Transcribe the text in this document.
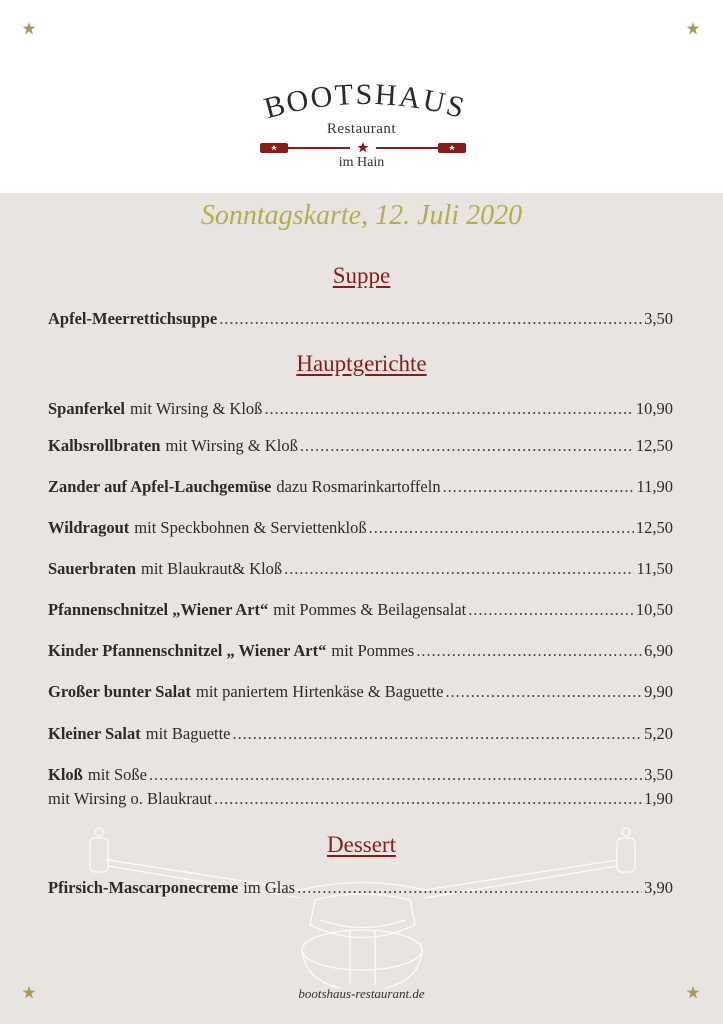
BOOTSHAUS
Restaurant
im Hain
Sonntagskarte, 12. Juli 2020
Suppe
Apfel-Meerrettichsuppe . . .	3,50
Hauptgerichte
Spanferkel mit Wirsing & Kloß . . .	10,90
Kalbsrollbraten mit Wirsing & Kloß . . .	12,50
Zander auf Apfel-Lauchgemüse dazu Rosmarinkartoffeln . . .	11,90
Wildragout mit Speckbohnen & Serviettenkloß . . .	12,50
Sauerbraten mit Blaukraut& Kloß . . .	11,50
Pfannenschnitzel „Wiener Art“ mit Pommes & Beilagensalat . . .	10,50
Kinder Pfannenschnitzel „ Wiener Art“ mit Pommes . . .	6,90
Großer bunter Salat mit paniertem Hirtenkäse & Baguette . . .	9,90
Kleiner Salat mit Baguette . . .	5,20
Kloß mit Soße . . .	3,50
mit Wirsing o. Blaukraut . . .	1,90
Dessert
Pfirsich-Mascarponecreme im Glas . . .	3,90
bootshaus-restaurant.de
